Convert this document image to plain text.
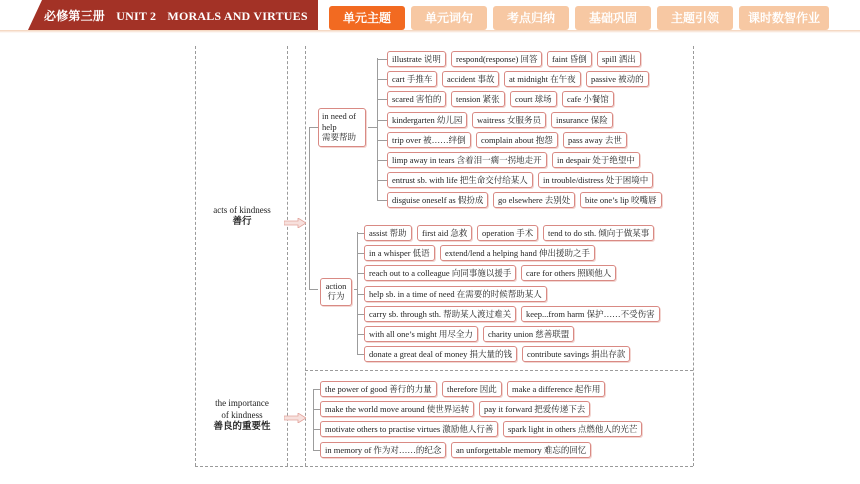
必修第三册 UNIT 2 MORALS AND VIRTUES	单元主题	单元词句	考点归纳	基础巩固	主题引领	课时数智作业
acts of kindness
善行
the importance of kindness
善良的重要性
in need of help
需要帮助
action
行为
illustrate 说明	respond(response) 回答	faint 昏倒	spill 洒出
cart 手推车	accident 事故	at midnight 在午夜	passive 被动的
scared 害怕的	tension 紧张	court 球场	cafe 小餐馆
kindergarten 幼儿园	waitress 女服务员	insurance 保险
trip over 被……绊倒	complain about 抱怨	pass away 去世
limp away in tears 含着泪一瘸一拐地走开	in despair 处于绝望中
entrust sb. with life 把生命交付给某人	in trouble/distress 处于困境中
disguise oneself as 假扮成	go elsewhere 去别处	bite one’s lip 咬嘴唇
assist 帮助	first aid 急救	operation 手术	tend to do sth. 倾向于做某事
in a whisper 低语	extend/lend a helping hand 伸出援助之手
reach out to a colleague 向同事施以援手	care for others 照顾他人
help sb. in a time of need 在需要的时候帮助某人
carry sb. through sth. 帮助某人渡过难关	keep...from harm 保护……不受伤害
with all one’s might 用尽全力	charity union 慈善联盟
donate a great deal of money 捐大量的钱	contribute savings 捐出存款
the power of good 善行的力量	therefore 因此	make a difference 起作用
make the world move around 使世界运转	pay it forward 把爱传递下去
motivate others to practise virtues 激励他人行善	spark light in others 点燃他人的光芒
in memory of 作为对……的纪念	an unforgettable memory 难忘的回忆
